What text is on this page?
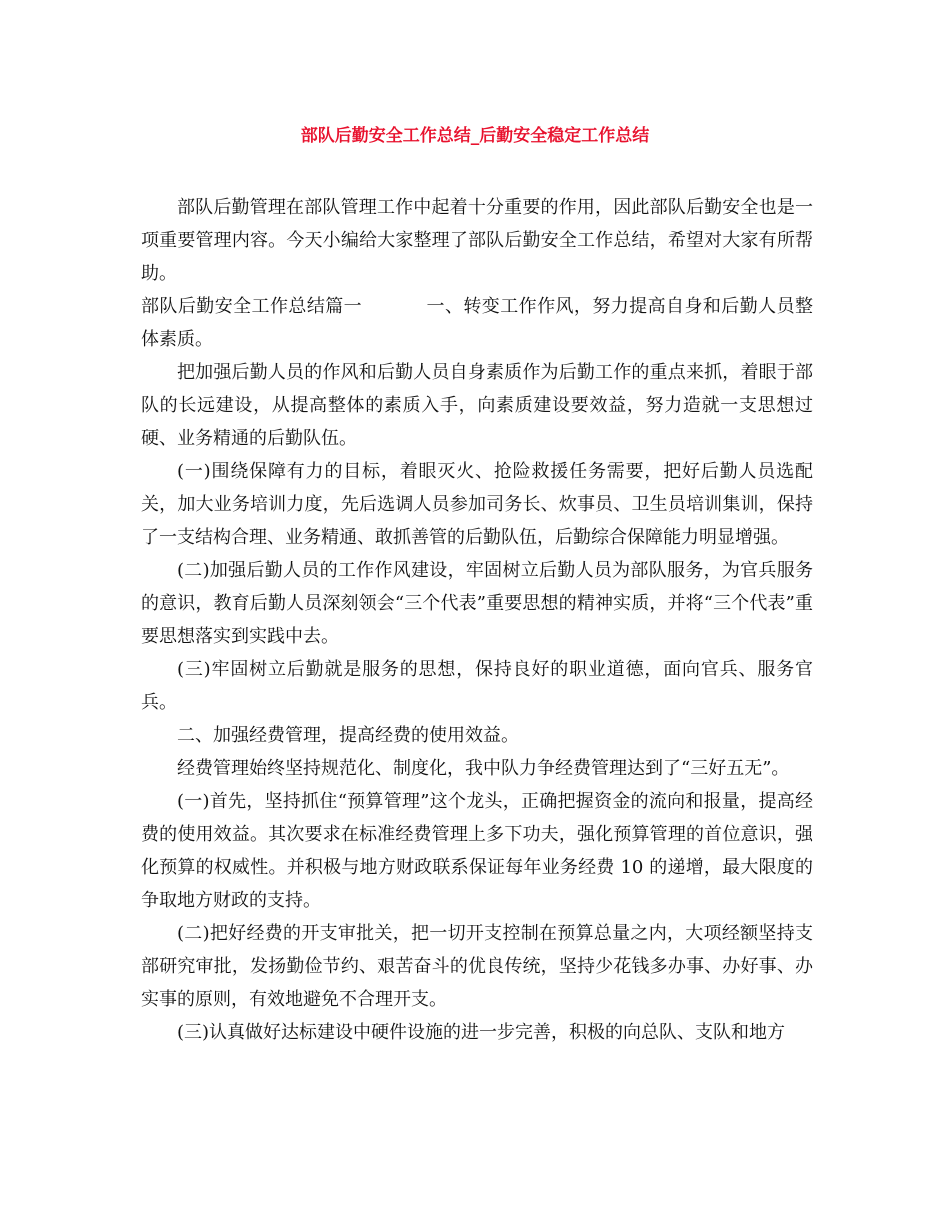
部队后勤安全工作总结_后勤安全稳定工作总结

部队后勤管理在部队管理工作中起着十分重要的作用，因此部队后勤安全也是一项重要管理内容。今天小编给大家整理了部队后勤安全工作总结，希望对大家有所帮助。

部队后勤安全工作总结篇一	一、转变工作作风，努力提高自身和后勤人员整体素质。

把加强后勤人员的作风和后勤人员自身素质作为后勤工作的重点来抓，着眼于部队的长远建设，从提高整体的素质入手，向素质建设要效益，努力造就一支思想过硬、业务精通的后勤队伍。

(一)围绕保障有力的目标，着眼灭火、抢险救援任务需要，把好后勤人员选配关，加大业务培训力度，先后选调人员参加司务长、炊事员、卫生员培训集训，保持了一支结构合理、业务精通、敢抓善管的后勤队伍，后勤综合保障能力明显增强。

(二)加强后勤人员的工作作风建设，牢固树立后勤人员为部队服务，为官兵服务的意识，教育后勤人员深刻领会“三个代表”重要思想的精神实质，并将“三个代表”重要思想落实到实践中去。

(三)牢固树立后勤就是服务的思想，保持良好的职业道德，面向官兵、服务官兵。

二、加强经费管理，提高经费的使用效益。

经费管理始终坚持规范化、制度化，我中队力争经费管理达到了“三好五无”。

(一)首先，坚持抓住“预算管理”这个龙头，正确把握资金的流向和报量，提高经费的使用效益。其次要求在标准经费管理上多下功夫，强化预算管理的首位意识，强化预算的权威性。并积极与地方财政联系保证每年业务经费 10 的递增，最大限度的争取地方财政的支持。

(二)把好经费的开支审批关，把一切开支控制在预算总量之内，大项经额坚持支部研究审批，发扬勤俭节约、艰苦奋斗的优良传统，坚持少花钱多办事、办好事、办实事的原则，有效地避免不合理开支。

(三)认真做好达标建设中硬件设施的进一步完善，积极的向总队、支队和地方
